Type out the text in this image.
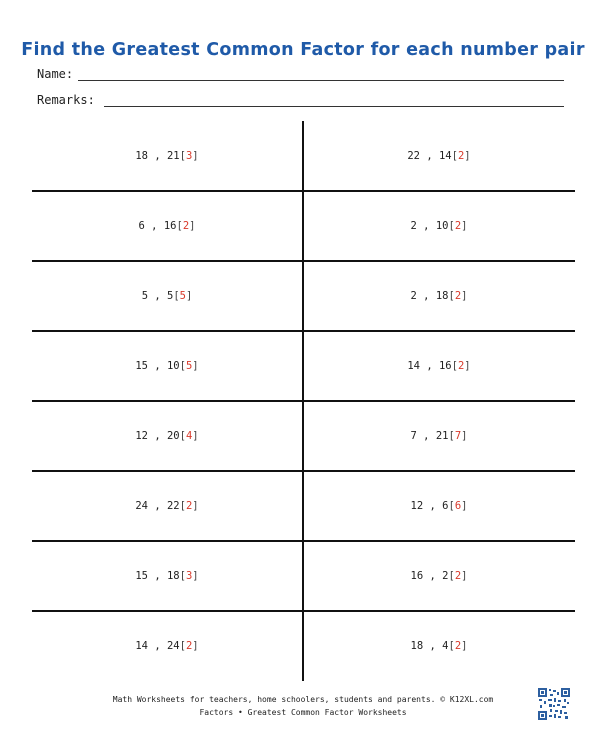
Find the Greatest Common Factor for each number pair
Name:
Remarks:
18 , 21 [ 3 ]	22 , 14 [ 2 ]
6 , 16 [ 2 ]	2 , 10 [ 2 ]
5 , 5 [ 5 ]	2 , 18 [ 2 ]
15 , 10 [ 5 ]	14 , 16 [ 2 ]
12 , 20 [ 4 ]	7 , 21 [ 7 ]
24 , 22 [ 2 ]	12 , 6 [ 6 ]
15 , 18 [ 3 ]	16 , 2 [ 2 ]
14 , 24 [ 2 ]	18 , 4 [ 2 ]
Math Worksheets for teachers, home schoolers, students and parents. © K12XL.com
Factors • Greatest Common Factor Worksheets
